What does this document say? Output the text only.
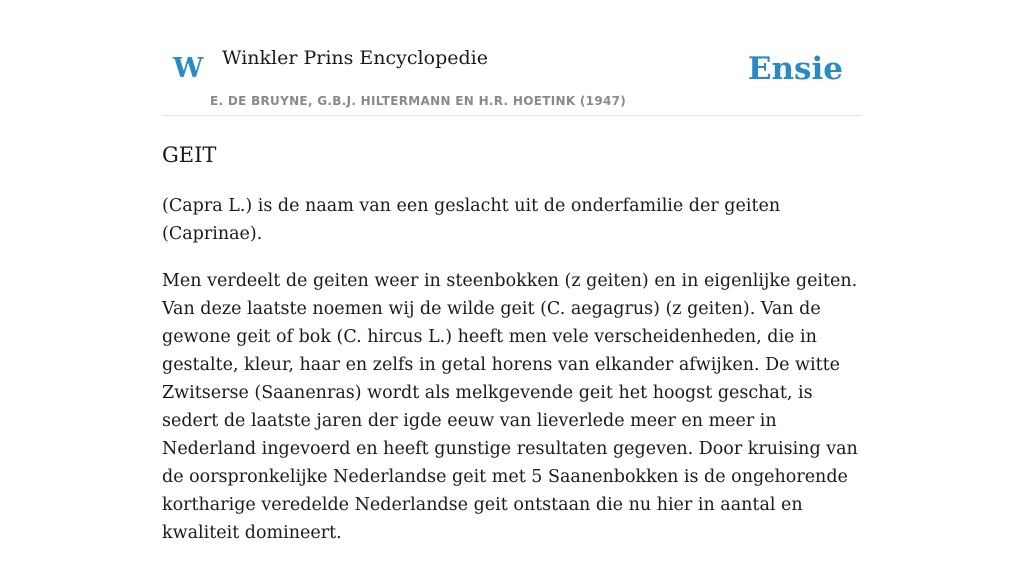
W Winkler Prins Encyclopedie
E. DE BRUYNE, G.B.J. HILTERMANN EN H.R. HOETINK (1947)
Ensie
GEIT

(Capra L.) is de naam van een geslacht uit de onderfamilie der geiten (Caprinae).

Men verdeelt de geiten weer in steenbokken (z geiten) en in eigenlijke geiten. Van deze laatste noemen wij de wilde geit (C. aegagrus) (z geiten). Van de gewone geit of bok (C. hircus L.) heeft men vele verscheidenheden, die in gestalte, kleur, haar en zelfs in getal horens van elkander afwijken. De witte Zwitserse (Saanenras) wordt als melkgevende geit het hoogst geschat, is sedert de laatste jaren der igde eeuw van lieverlede meer en meer in Nederland ingevoerd en heeft gunstige resultaten gegeven. Door kruising van de oorspronkelijke Nederlandse geit met 5 Saanenbokken is de ongehorende kortharige veredelde Nederlandse geit ontstaan die nu hier in aantal en kwaliteit domineert.
